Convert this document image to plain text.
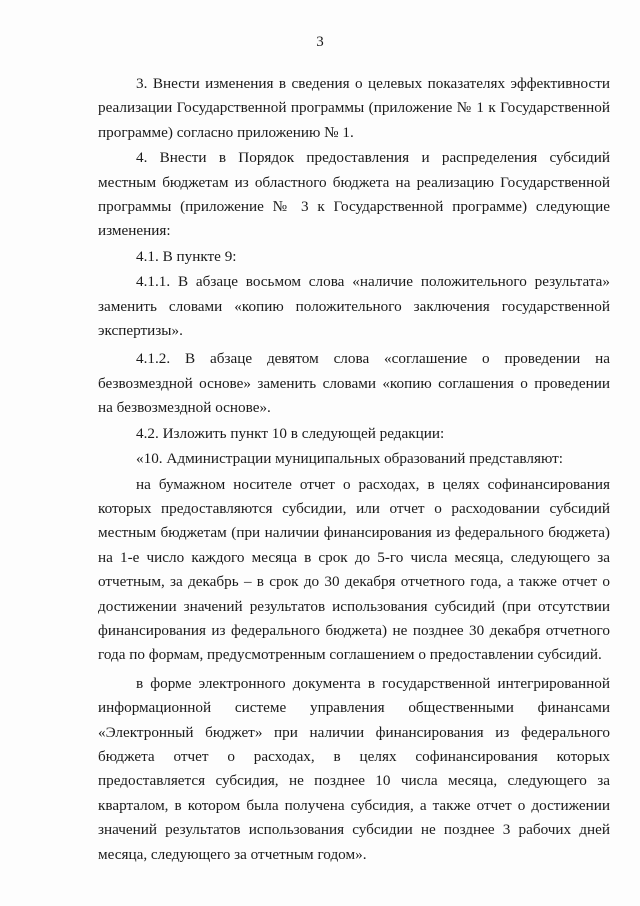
3

3. Внести изменения в сведения о целевых показателях эффективности реализации Государственной программы (приложение № 1 к Государственной программе) согласно приложению № 1.

4. Внести в Порядок предоставления и распределения субсидий местным бюджетам из областного бюджета на реализацию Государственной программы (приложение № 3 к Государственной программе) следующие изменения:

4.1. В пункте 9:

4.1.1. В абзаце восьмом слова «наличие положительного результата» заменить словами «копию положительного заключения государственной экспертизы».

4.1.2. В абзаце девятом слова «соглашение о проведении на безвозмездной основе» заменить словами «копию соглашения о проведении на безвозмездной основе».

4.2. Изложить пункт 10 в следующей редакции:

«10. Администрации муниципальных образований представляют:

на бумажном носителе отчет о расходах, в целях софинансирования которых предоставляются субсидии, или отчет о расходовании субсидий местным бюджетам (при наличии финансирования из федерального бюджета) на 1-е число каждого месяца в срок до 5-го числа месяца, следующего за отчетным, за декабрь – в срок до 30 декабря отчетного года, а также отчет о достижении значений результатов использования субсидий (при отсутствии финансирования из федерального бюджета) не позднее 30 декабря отчетного года по формам, предусмотренным соглашением о предоставлении субсидий.

в форме электронного документа в государственной интегрированной информационной системе управления общественными финансами «Электронный бюджет» при наличии финансирования из федерального бюджета отчет о расходах, в целях софинансирования которых предоставляется субсидия, не позднее 10 числа месяца, следующего за кварталом, в котором была получена субсидия, а также отчет о достижении значений результатов использования субсидии не позднее 3 рабочих дней месяца, следующего за отчетным годом».
